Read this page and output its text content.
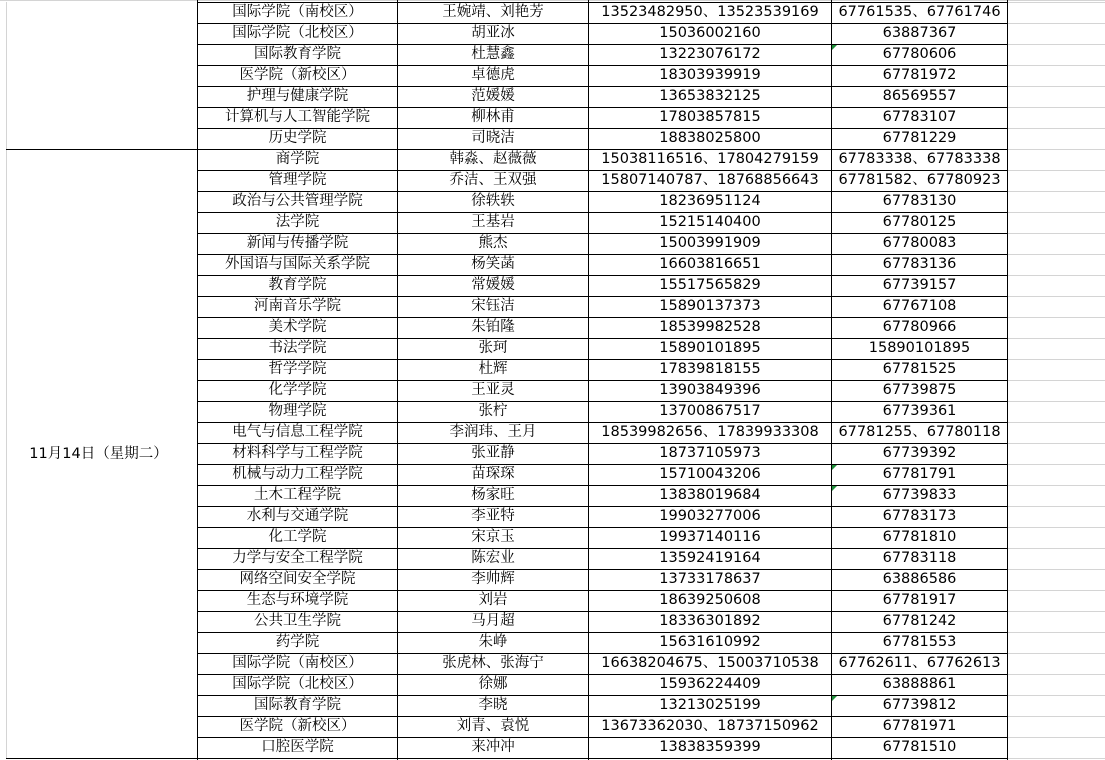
国际学院（南校区）	王婉靖、刘艳芳	13523482950、13523539169	67761535、67761746
国际学院（北校区）	胡亚冰	15036002160	63887367
国际教育学院	杜慧鑫	13223076172	67780606
医学院（新校区）	卓德虎	18303939919	67781972
护理与健康学院	范媛媛	13653832125	86569557
计算机与人工智能学院	柳林甫	17803857815	67783107
历史学院	司晓洁	18838025800	67781229
商学院	韩淼、赵薇薇	15038116516、17804279159	67783338、67783338
管理学院	乔洁、王双强	15807140787、18768856643	67781582、67780923
政治与公共管理学院	徐轶轶	18236951124	67783130
法学院	王基岩	15215140400	67780125
新闻与传播学院	熊杰	15003991909	67780083
外国语与国际关系学院	杨笑菡	16603816651	67783136
教育学院	常媛媛	15517565829	67739157
河南音乐学院	宋钰洁	15890137373	67767108
美术学院	朱铂隆	18539982528	67780966
书法学院	张珂	15890101895	15890101895
哲学学院	杜辉	17839818155	67781525
化学学院	王亚灵	13903849396	67739875
物理学院	张柠	13700867517	67739361
电气与信息工程学院	李润玮、王月	18539982656、17839933308	67781255、67780118
材料科学与工程学院	张亚静	18737105973	67739392
机械与动力工程学院	苗琛琛	15710043206	67781791
土木工程学院	杨家旺	13838019684	67739833
水利与交通学院	李亚特	19903277006	67783173
化工学院	宋京玉	19937140116	67781810
力学与安全工程学院	陈宏业	13592419164	67783118
网络空间安全学院	李帅辉	13733178637	63886586
生态与环境学院	刘岩	18639250608	67781917
公共卫生学院	马月超	18336301892	67781242
药学院	朱峥	15631610992	67781553
国际学院（南校区）	张虎林、张海宁	16638204675、15003710538	67762611、67762613
国际学院（北校区）	徐娜	15936224409	63888861
国际教育学院	李晓	13213025199	67739812
医学院（新校区）	刘青、袁悦	13673362030、18737150962	67781971
口腔医学院	来冲冲	13838359399	67781510
11月14日（星期二）
